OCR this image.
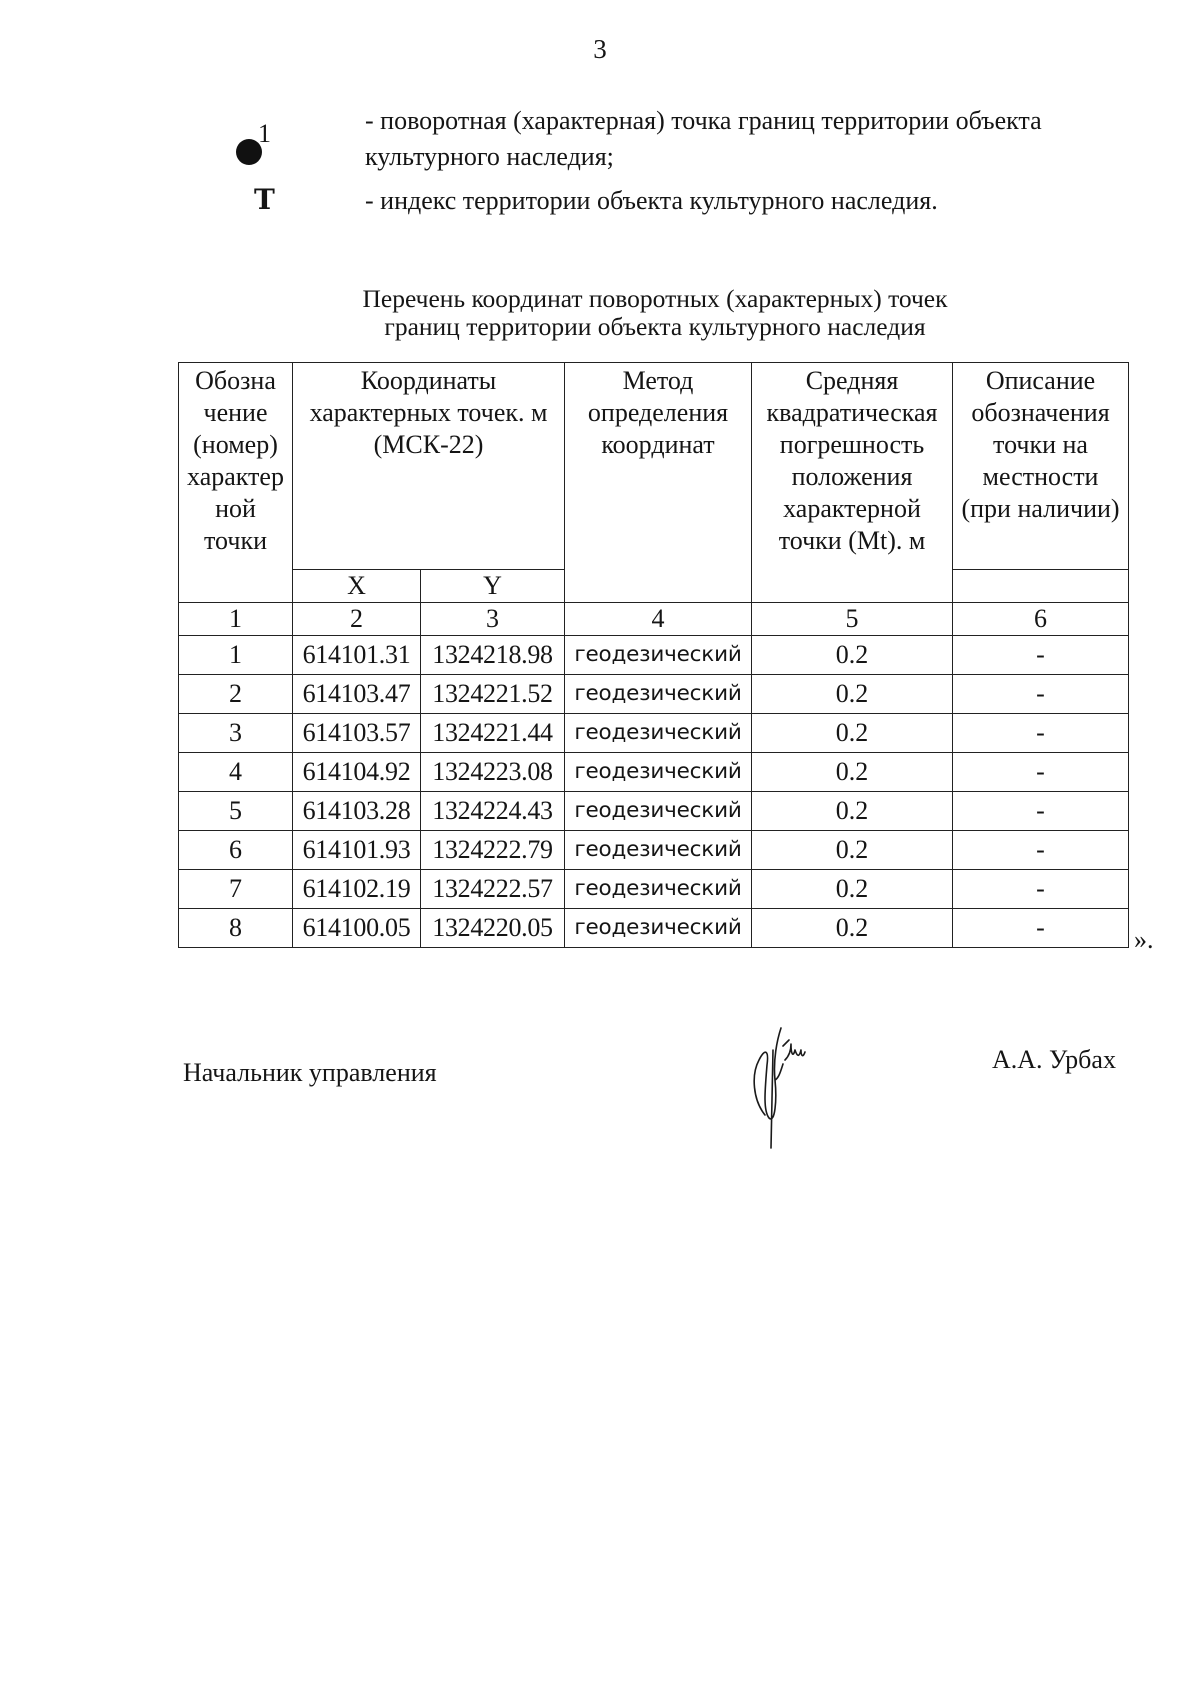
3
1	- поворотная (характерная) точка границ территории объекта культурного наследия;
Т	- индекс территории объекта культурного наследия.
Перечень координат поворотных (характерных) точек
границ территории объекта культурного наследия
Обозна чение (номер) характер ной точки	Координаты характерных точек. м (МСК-22)		Метод определения координат	Средняя квадратическая погрешность положения характерной точки (Mt). м	Описание обозначения точки на местности (при наличии)
	X	Y			
1	2	3	4	5	6
1	614101.31	1324218.98	геодезический	0.2	-
2	614103.47	1324221.52	геодезический	0.2	-
3	614103.57	1324221.44	геодезический	0.2	-
4	614104.92	1324223.08	геодезический	0.2	-
5	614103.28	1324224.43	геодезический	0.2	-
6	614101.93	1324222.79	геодезический	0.2	-
7	614102.19	1324222.57	геодезический	0.2	-
8	614100.05	1324220.05	геодезический	0.2	-	».
Начальник управления	А.А. Урбах
